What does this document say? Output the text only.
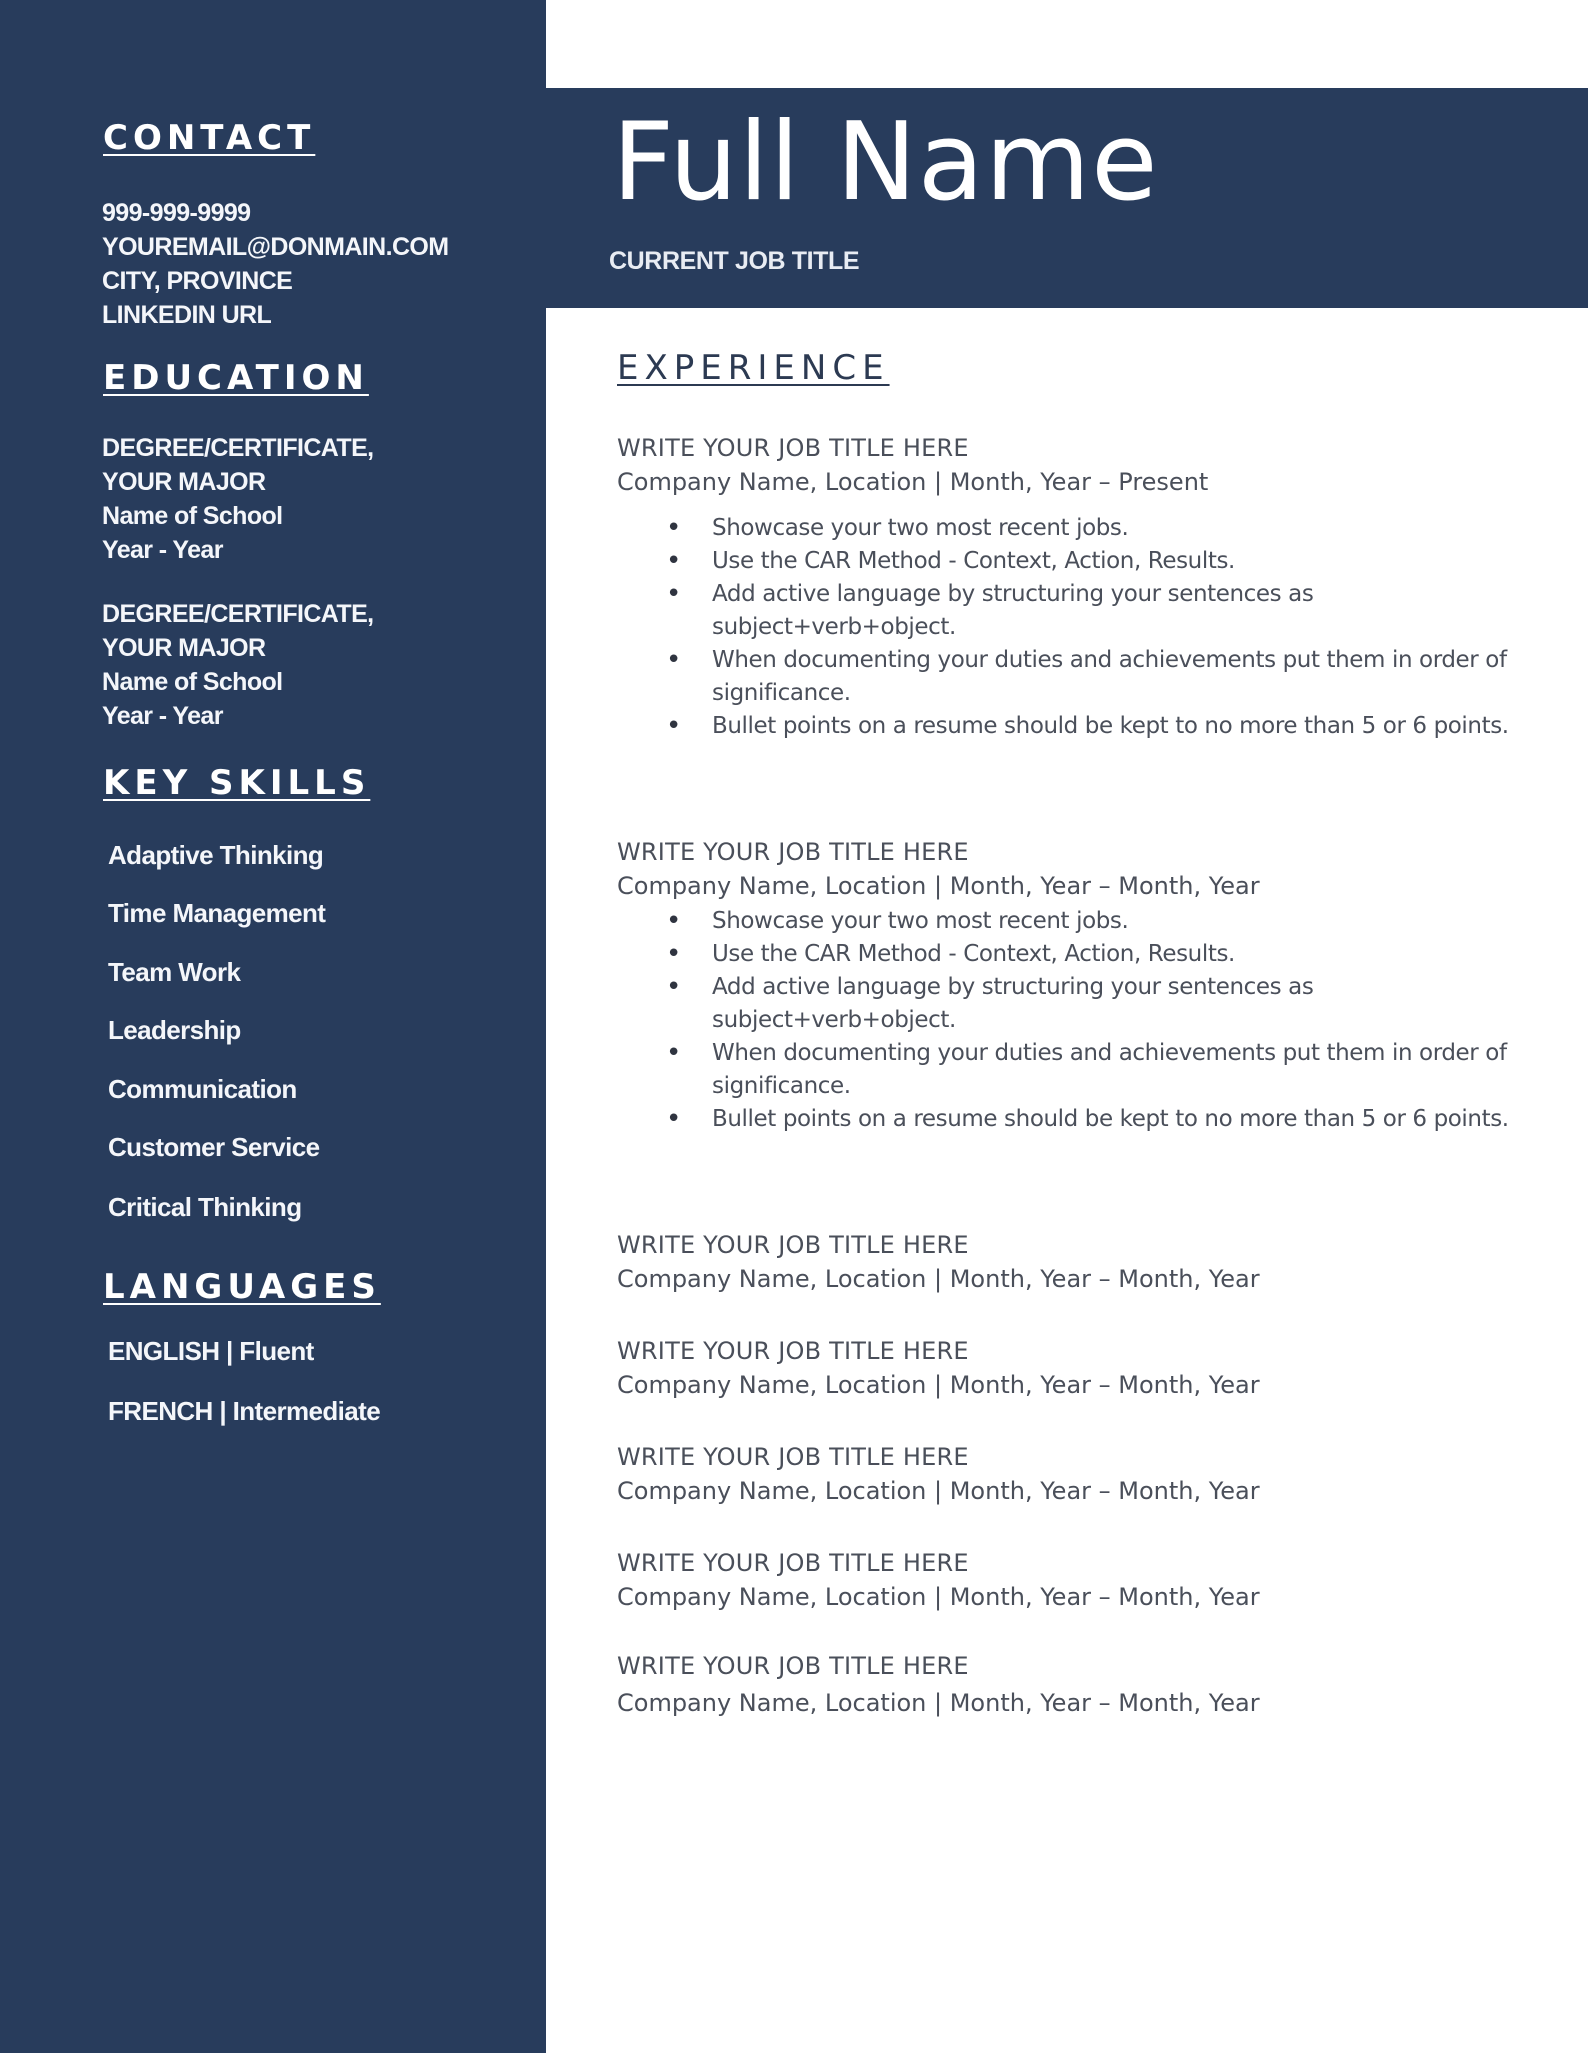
CONTACT
999-999-9999
YOUREMAIL@DONMAIN.COM
CITY, PROVINCE
LINKEDIN URL
EDUCATION
DEGREE/CERTIFICATE,
YOUR MAJOR
Name of School
Year - Year
DEGREE/CERTIFICATE,
YOUR MAJOR
Name of School
Year - Year
KEY SKILLS
Adaptive Thinking
Time Management
Team Work
Leadership
Communication
Customer Service
Critical Thinking
LANGUAGES
ENGLISH | Fluent
FRENCH | Intermediate
Full Name
CURRENT JOB TITLE
EXPERIENCE
WRITE YOUR JOB TITLE HERE
Company Name, Location | Month, Year – Present
• Showcase your two most recent jobs.
• Use the CAR Method - Context, Action, Results.
• Add active language by structuring your sentences as subject+verb+object.
• When documenting your duties and achievements put them in order of significance.
• Bullet points on a resume should be kept to no more than 5 or 6 points.
WRITE YOUR JOB TITLE HERE
Company Name, Location | Month, Year – Month, Year
• Showcase your two most recent jobs.
• Use the CAR Method - Context, Action, Results.
• Add active language by structuring your sentences as subject+verb+object.
• When documenting your duties and achievements put them in order of significance.
• Bullet points on a resume should be kept to no more than 5 or 6 points.
WRITE YOUR JOB TITLE HERE
Company Name, Location | Month, Year – Month, Year
WRITE YOUR JOB TITLE HERE
Company Name, Location | Month, Year – Month, Year
WRITE YOUR JOB TITLE HERE
Company Name, Location | Month, Year – Month, Year
WRITE YOUR JOB TITLE HERE
Company Name, Location | Month, Year – Month, Year
WRITE YOUR JOB TITLE HERE
Company Name, Location | Month, Year – Month, Year
